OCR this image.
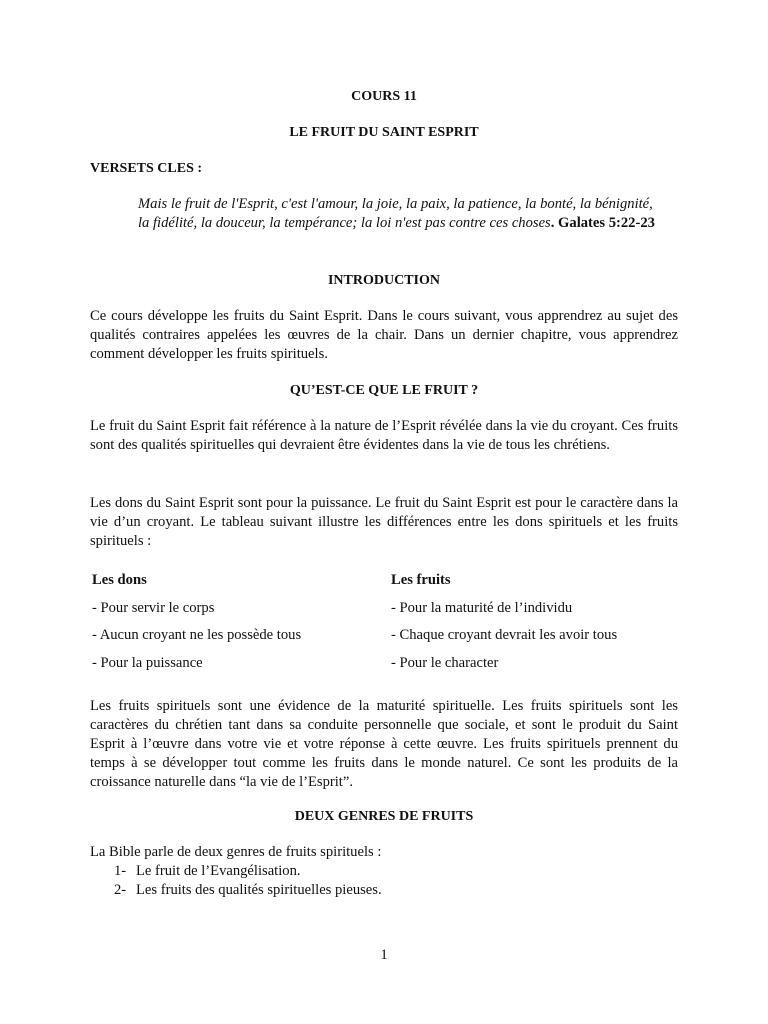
COURS 11
LE FRUIT DU SAINT ESPRIT
VERSETS CLES :
Mais le fruit de l'Esprit, c'est l'amour, la joie, la paix, la patience, la bonté, la bénignité, la fidélité, la douceur, la tempérance; la loi n'est pas contre ces choses. Galates 5:22-23
INTRODUCTION
Ce cours développe les fruits du Saint Esprit. Dans le cours suivant, vous apprendrez au sujet des qualités contraires appelées les œuvres de la chair. Dans un dernier chapitre, vous apprendrez comment développer les fruits spirituels.
QU’EST-CE QUE LE FRUIT ?
Le fruit du Saint Esprit fait référence à la nature de l’Esprit révélée dans la vie du croyant. Ces fruits sont des qualités spirituelles qui devraient être évidentes dans la vie de tous les chrétiens.
Les dons du Saint Esprit sont pour la puissance. Le fruit du Saint Esprit est pour le caractère dans la vie d’un croyant. Le tableau suivant illustre les différences entre les dons spirituels et les fruits spirituels :
Les dons	Les fruits
- Pour servir le corps	- Pour la maturité de l’individu
- Aucun croyant ne les possède tous	- Chaque croyant devrait les avoir tous
- Pour la puissance	- Pour le character
Les fruits spirituels sont une évidence de la maturité spirituelle. Les fruits spirituels sont les caractères du chrétien tant dans sa conduite personnelle que sociale, et sont le produit du Saint Esprit à l’œuvre dans votre vie et votre réponse à cette œuvre. Les fruits spirituels prennent du temps à se développer tout comme les fruits dans le monde naturel. Ce sont les produits de la croissance naturelle dans “la vie de l’Esprit”.
DEUX GENRES DE FRUITS
La Bible parle de deux genres de fruits spirituels :
1- Le fruit de l’Evangélisation.
2- Les fruits des qualités spirituelles pieuses.
1
